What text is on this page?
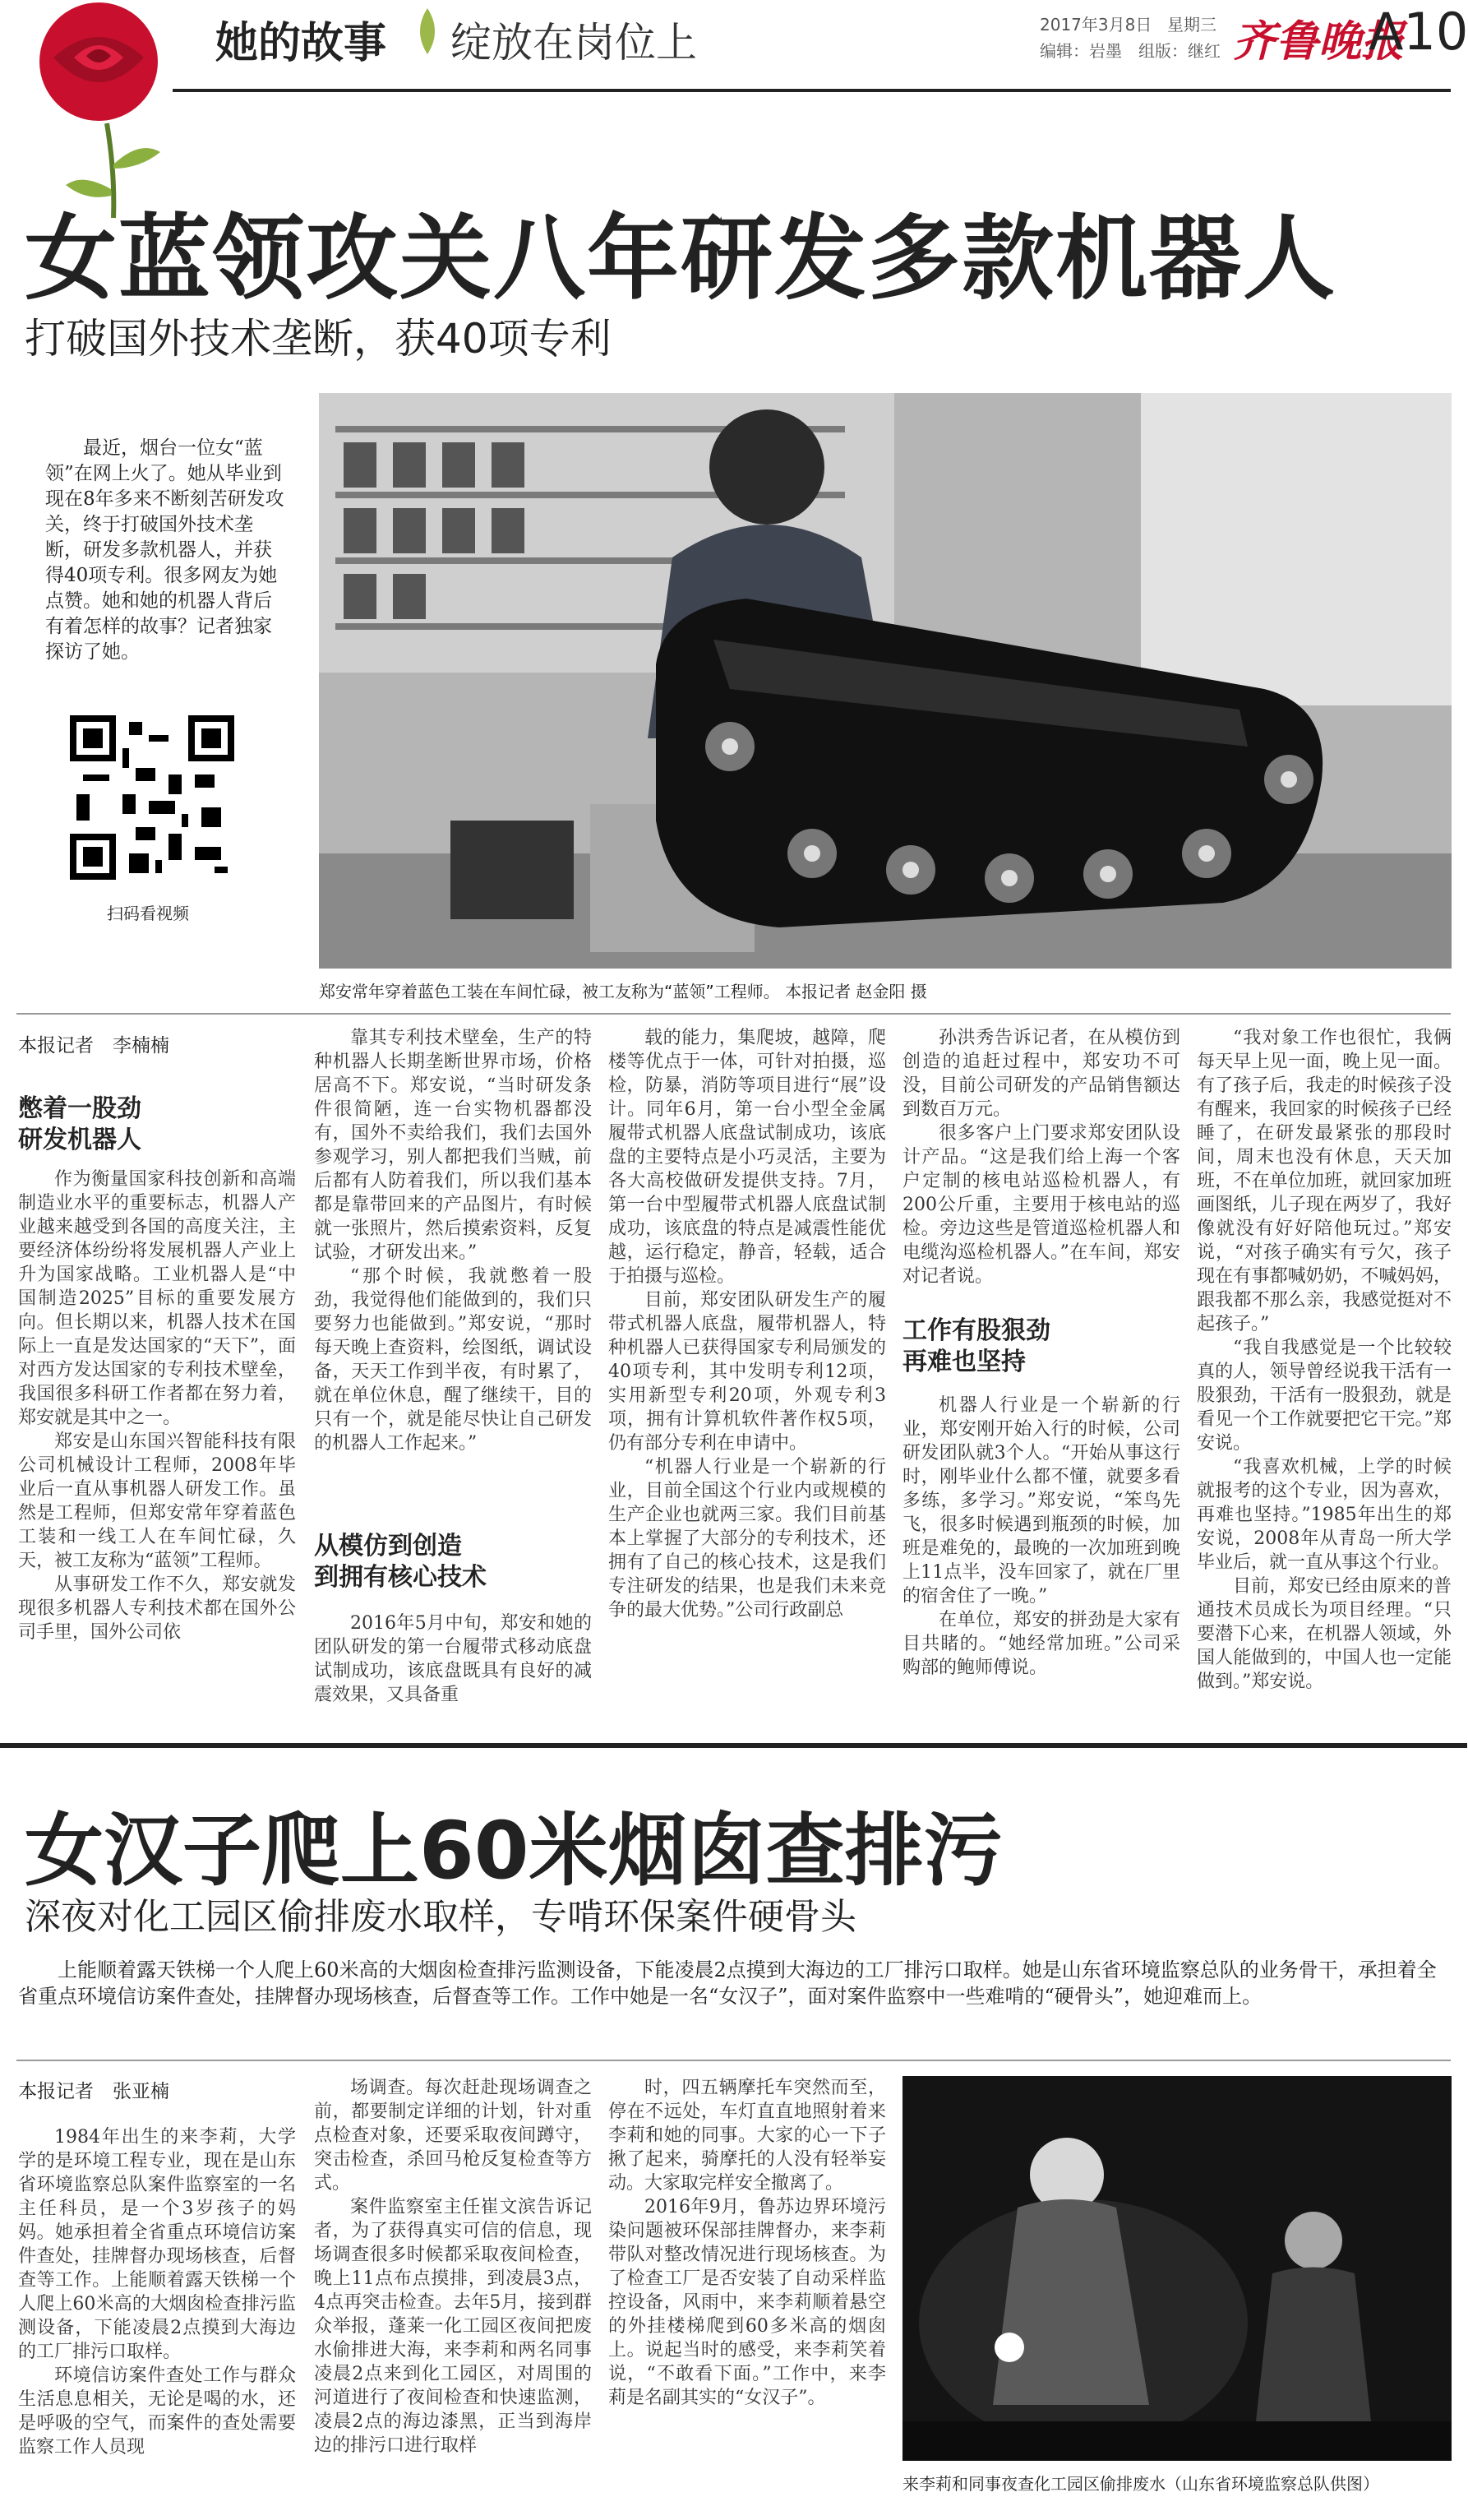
她的故事 绽放在岗位上	2017年3月8日 星期三
编辑：岩墨 组版：继红 齐鲁晚报
A10
女蓝领攻关八年研发多款机器人
打破国外技术垄断，获40项专利
最近，烟台一位女“蓝领”在网上火了。她从毕业到现在8年多来不断刻苦研发攻关，终于打破国外技术垄断，研发多款机器人，并获得40项专利。很多网友为她点赞。她和她的机器人背后有着怎样的故事？记者独家探访了她。
扫码看视频
郑安常年穿着蓝色工装在车间忙碌，被工友称为“蓝领”工程师。 本报记者 赵金阳 摄
本报记者　李楠楠
憋着一股劲
研发机器人

作为衡量国家科技创新和高端制造业水平的重要标志，机器人产业越来越受到各国的高度关注，主要经济体纷纷将发展机器人产业上升为国家战略。工业机器人是“中国制造2025”目标的重要发展方向。但长期以来，机器人技术在国际上一直是发达国家的“天下”，面对西方发达国家的专利技术壁垒，我国很多科研工作者都在努力着，郑安就是其中之一。

郑安是山东国兴智能科技有限公司机械设计工程师，2008年毕业后一直从事机器人研发工作。虽然是工程师，但郑安常年穿着蓝色工装和一线工人在车间忙碌，久天，被工友称为“蓝领”工程师。

从事研发工作不久，郑安就发现很多机器人专利技术都在国外公司手里，国外公司依

靠其专利技术壁垒，生产的特种机器人长期垄断世界市场，价格居高不下。郑安说，“当时研发条件很简陋，连一台实物机器都没有，国外不卖给我们，我们去国外参观学习，别人都把我们当贼，前后都有人防着我们，所以我们基本都是靠带回来的产品图片，有时候就一张照片，然后摸索资料，反复试验，才研发出来。”

“那个时候，我就憋着一股劲，我觉得他们能做到的，我们只要努力也能做到。”郑安说，“那时每天晚上查资料，绘图纸，调试设备，天天工作到半夜，有时累了，就在单位休息，醒了继续干，目的只有一个，就是能尽快让自己研发的机器人工作起来。”

从模仿到创造
到拥有核心技术

2016年5月中旬，郑安和她的团队研发的第一台履带式移动底盘试制成功，该底盘既具有良好的减震效果，又具备重

载的能力，集爬坡，越障，爬楼等优点于一体，可针对拍摄，巡检，防暴，消防等项目进行“展”设计。同年6月，第一台小型全金属履带式机器人底盘试制成功，该底盘的主要特点是小巧灵活，主要为各大高校做研发提供支持。7月，第一台中型履带式机器人底盘试制成功，该底盘的特点是减震性能优越，运行稳定，静音，轻载，适合于拍摄与巡检。

目前，郑安团队研发生产的履带式机器人底盘，履带机器人，特种机器人已获得国家专利局颁发的40项专利，其中发明专利12项，实用新型专利20项，外观专利3项，拥有计算机软件著作权5项，仍有部分专利在申请中。

“机器人行业是一个崭新的行业，目前全国这个行业内或规模的生产企业也就两三家。我们目前基本上掌握了大部分的专利技术，还拥有了自己的核心技术，这是我们专注研发的结果，也是我们未来竞争的最大优势。”公司行政副总

孙洪秀告诉记者，在从模仿到创造的追赶过程中，郑安功不可没，目前公司研发的产品销售额达到数百万元。

很多客户上门要求郑安团队设计产品。“这是我们给上海一个客户定制的核电站巡检机器人，有200公斤重，主要用于核电站的巡检。旁边这些是管道巡检机器人和电缆沟巡检机器人。”在车间，郑安对记者说。

工作有股狠劲
再难也坚持

机器人行业是一个崭新的行业，郑安刚开始入行的时候，公司研发团队就3个人。“开始从事这行时，刚毕业什么都不懂，就要多看多练，多学习。”郑安说，“笨鸟先飞，很多时候遇到瓶颈的时候，加班是难免的，最晚的一次加班到晚上11点半，没车回家了，就在厂里的宿舍住了一晚。”

在单位，郑安的拼劲是大家有目共睹的。“她经常加班。”公司采购部的鲍师傅说。

“我对象工作也很忙，我俩每天早上见一面，晚上见一面。有了孩子后，我走的时候孩子没有醒来，我回家的时候孩子已经睡了，在研发最紧张的那段时间，周末也没有休息，天天加班，不在单位加班，就回家加班画图纸，儿子现在两岁了，我好像就没有好好陪他玩过。”郑安说，“对孩子确实有亏欠，孩子现在有事都喊奶奶，不喊妈妈，跟我都不那么亲，我感觉挺对不起孩子。”

“我自我感觉是一个比较较真的人，领导曾经说我干活有一股狠劲，干活有一股狠劲，就是看见一个工作就要把它干完。”郑安说。

“我喜欢机械，上学的时候就报考的这个专业，因为喜欢，再难也坚持。”1985年出生的郑安说，2008年从青岛一所大学毕业后，就一直从事这个行业。

目前，郑安已经由原来的普通技术员成长为项目经理。“只要潜下心来，在机器人领域，外国人能做到的，中国人也一定能做到。”郑安说。

女汉子爬上60米烟囱查排污
深夜对化工园区偷排废水取样，专啃环保案件硬骨头
上能顺着露天铁梯一个人爬上60米高的大烟囱检查排污监测设备，下能凌晨2点摸到大海边的工厂排污口取样。她是山东省环境监察总队的业务骨干，承担着全省重点环境信访案件查处，挂牌督办现场核查，后督查等工作。工作中她是一名“女汉子”，面对案件监察中一些难啃的“硬骨头”，她迎难而上。
本报记者　张亚楠

1984年出生的来李莉，大学学的是环境工程专业，现在是山东省环境监察总队案件监察室的一名主任科员，是一个3岁孩子的妈妈。她承担着全省重点环境信访案件查处，挂牌督办现场核查，后督查等工作。上能顺着露天铁梯一个人爬上60米高的大烟囱检查排污监测设备，下能凌晨2点摸到大海边的工厂排污口取样。

环境信访案件查处工作与群众生活息息相关，无论是喝的水，还是呼吸的空气，而案件的查处需要监察工作人员现

场调查。每次赶赴现场调查之前，都要制定详细的计划，针对重点检查对象，还要采取夜间蹲守，突击检查，杀回马枪反复检查等方式。

案件监察室主任崔文滨告诉记者，为了获得真实可信的信息，现场调查很多时候都采取夜间检查，晚上11点布点摸排，到凌晨3点，4点再突击检查。去年5月，接到群众举报，蓬莱一化工园区夜间把废水偷排进大海，来李莉和两名同事凌晨2点来到化工园区，对周围的河道进行了夜间检查和快速监测，凌晨2点的海边漆黑，正当到海岸边的排污口进行取样

时，四五辆摩托车突然而至，停在不远处，车灯直直地照射着来李莉和她的同事。大家的心一下子揪了起来，骑摩托的人没有轻举妄动。大家取完样安全撤离了。

2016年9月，鲁苏边界环境污染问题被环保部挂牌督办，来李莉带队对整改情况进行现场核查。为了检查工厂是否安装了自动采样监控设备，风雨中，来李莉顺着悬空的外挂楼梯爬到60多米高的烟囱上。说起当时的感受，来李莉笑着说，“不敢看下面。”工作中，来李莉是名副其实的“女汉子”。

来李莉和同事夜查化工园区偷排废水（山东省环境监察总队供图）
